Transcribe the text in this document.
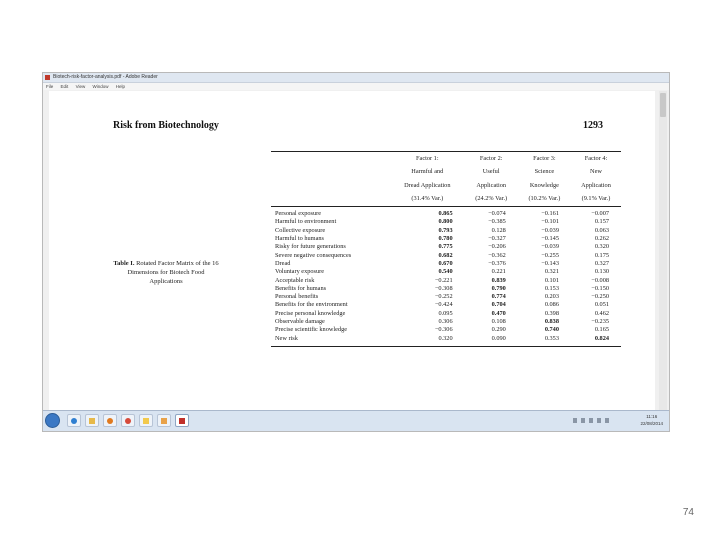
Biotech-risk-factor-analysis.pdf - Adobe Reader
File Edit View Window Help
Risk from Biotechnology	1293
Table I. Rotated Factor Matrix of the 16 Dimensions for Biotech Food Applications
	Factor 1:	Factor 2:	Factor 3:	Factor 4:
	Harmful and	Useful	Science	New
	Dread Application	Application	Knowledge	Application
	(31.4% Var.)	(24.2% Var.)	(10.2% Var.)	(9.1% Var.)
Personal exposure	0.865	−0.074	−0.161	−0.007
Harmful to environment	0.800	−0.385	−0.101	0.157
Collective exposure	0.793	0.128	−0.039	0.063
Harmful to humans	0.780	−0.327	−0.145	0.262
Risky for future generations	0.775	−0.206	−0.039	0.320
Severe negative consequences	0.682	−0.362	−0.255	0.175
Dread	0.670	−0.376	−0.143	0.327
Voluntary exposure	0.540	0.221	0.321	0.130
Acceptable risk	−0.221	0.839	0.101	−0.008
Benefits for humans	−0.308	0.790	0.153	−0.150
Personal benefits	−0.252	0.774	0.203	−0.250
Benefits for the environment	−0.424	0.704	0.086	0.051
Precise personal knowledge	0.095	0.470	0.398	0.462
Observable damage	0.306	0.108	0.838	−0.235
Precise scientific knowledge	−0.306	0.290	0.740	0.165
New risk	0.320	0.090	0.353	0.824
11:16
22/08/2014
74
